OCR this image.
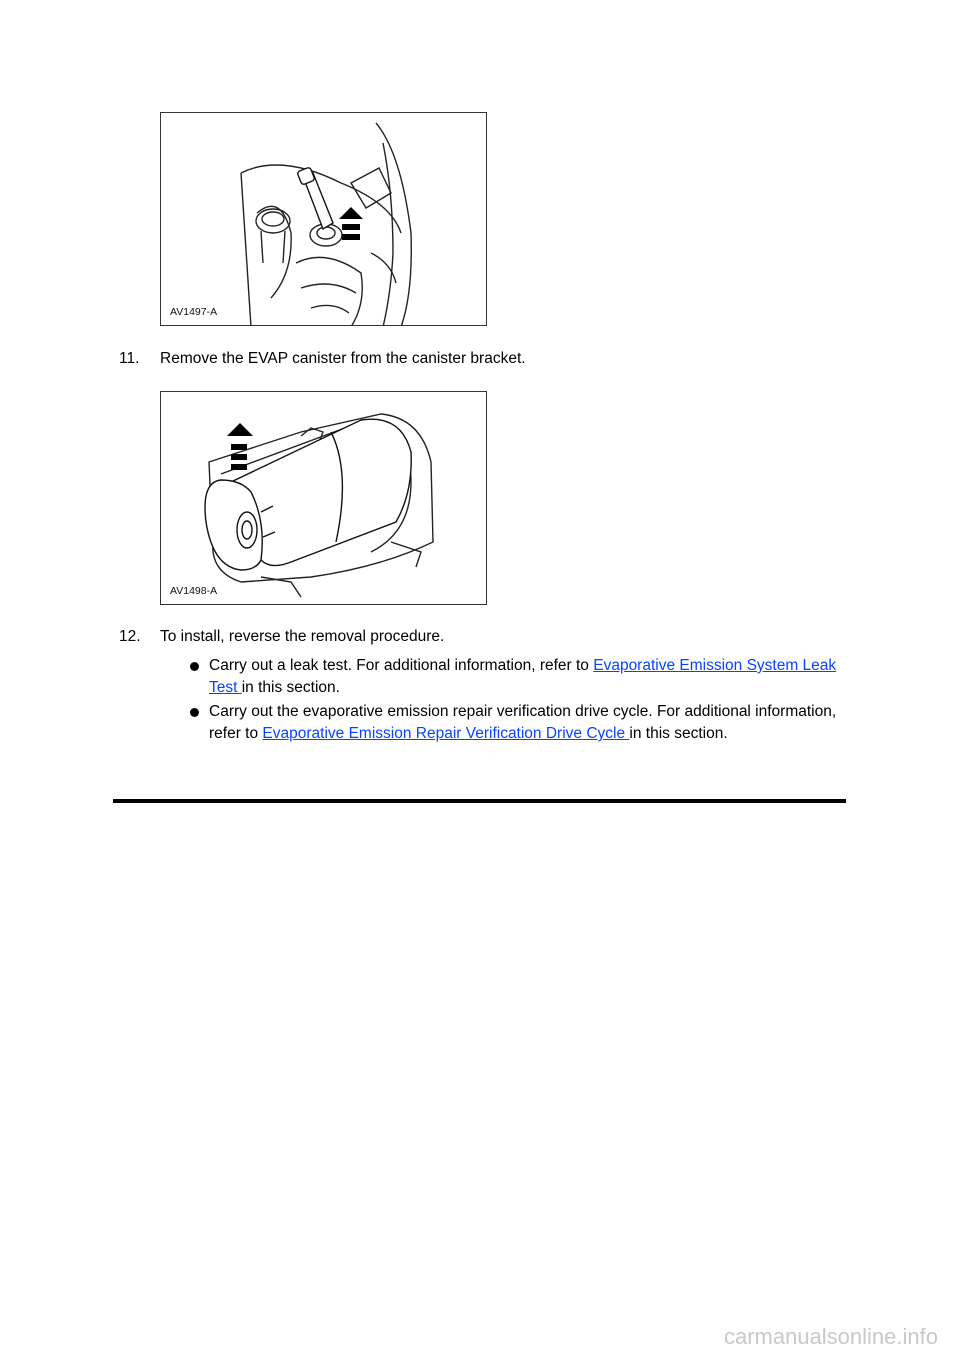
AV1497-A
11. Remove the EVAP canister from the canister bracket.
AV1498-A
12. To install, reverse the removal procedure.
Carry out a leak test. For additional information, refer to Evaporative Emission System Leak Test in this section.
Carry out the evaporative emission repair verification drive cycle. For additional information, refer to Evaporative Emission Repair Verification Drive Cycle in this section.
carmanualsonline.info
